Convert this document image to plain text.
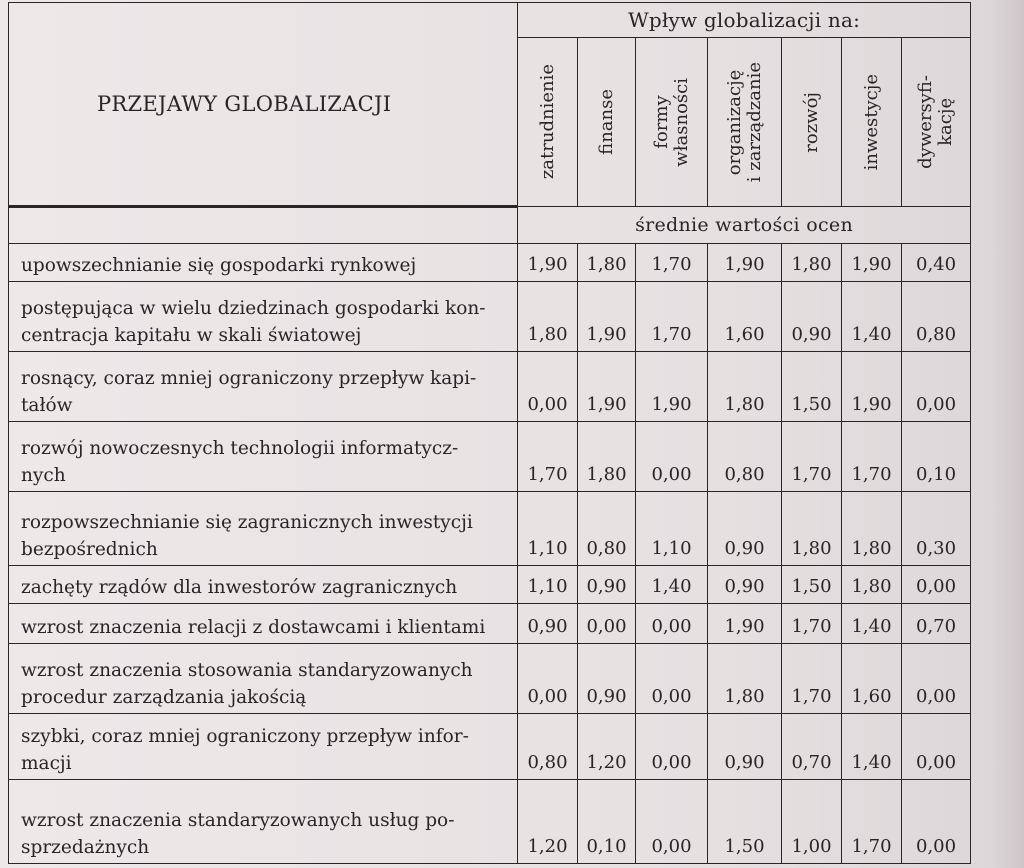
PRZEJAWY GLOBALIZACJI	Wpływ globalizacji na:						

	zatrudnienie	finanse	formy
własności	organizację
i zarządzanie	rozwój	inwestycje	dywersyfi-
kację

	średnie wartości ocen						
upowszechnianie się gospodarki rynkowej	1,90	1,80	1,70	1,90	1,80	1,90	0,40
postępująca w wielu dziedzinach gospodarki kon-
centracja kapitału w skali światowej	1,80	1,90	1,70	1,60	0,90	1,40	0,80
rosnący, coraz mniej ograniczony przepływ kapi-
tałów	0,00	1,90	1,90	1,80	1,50	1,90	0,00
rozwój nowoczesnych technologii informatycz-
nych	1,70	1,80	0,00	0,80	1,70	1,70	0,10
rozpowszechnianie się zagranicznych inwestycji
bezpośrednich	1,10	0,80	1,10	0,90	1,80	1,80	0,30
zachęty rządów dla inwestorów zagranicznych	1,10	0,90	1,40	0,90	1,50	1,80	0,00
wzrost znaczenia relacji z dostawcami i klientami	0,90	0,00	0,00	1,90	1,70	1,40	0,70
wzrost znaczenia stosowania standaryzowanych
procedur zarządzania jakością	0,00	0,90	0,00	1,80	1,70	1,60	0,00
szybki, coraz mniej ograniczony przepływ infor-
macji	0,80	1,20	0,00	0,90	0,70	1,40	0,00
wzrost znaczenia standaryzowanych usług po-
sprzedażnych	1,20	0,10	0,00	1,50	1,00	1,70	0,00
